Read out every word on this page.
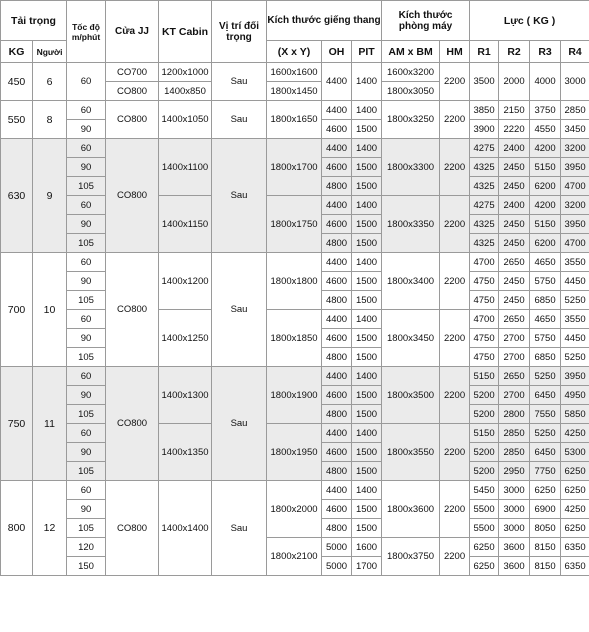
Tải trọng		Tốc độ m/phút	Cửa JJ	KT Cabin	Vị trí đối trọng	Kích thước giếng thang			Kích thước phòng máy		Lực ( KG )			
KG	Người					(X x Y)	OH	PIT	AM x BM	HM	R1	R2	R3	R4
450	6	60	CO700	1200x1000	Sau	1600x1600	4400	1400	1600x3200	2200	3500	2000	4000	3000
			CO800	1400x850		1800x1450			1800x3050					
550	8	60	CO800	1400x1050	Sau	1800x1650	4400	1400	1800x3250	2200	3850	2150	3750	2850
		90					4600	1500			3900	2220	4550	3450
630	9	60	CO800	1400x1100	Sau	1800x1700	4400	1400	1800x3300	2200	4275	2400	4200	3200
		90					4600	1500			4325	2450	5150	3950
		105					4800	1500			4325	2450	6200	4700
		60		1400x1150		1800x1750	4400	1400	1800x3350	2200	4275	2400	4200	3200
		90					4600	1500			4325	2450	5150	3950
		105					4800	1500			4325	2450	6200	4700
700	10	60	CO800	1400x1200	Sau	1800x1800	4400	1400	1800x3400	2200	4700	2650	4650	3550
		90					4600	1500			4750	2450	5750	4450
		105					4800	1500			4750	2450	6850	5250
		60		1400x1250		1800x1850	4400	1400	1800x3450	2200	4700	2650	4650	3550
		90					4600	1500			4750	2700	5750	4450
		105					4800	1500			4750	2700	6850	5250
750	11	60	CO800	1400x1300	Sau	1800x1900	4400	1400	1800x3500	2200	5150	2650	5250	3950
		90					4600	1500			5200	2700	6450	4950
		105					4800	1500			5200	2800	7550	5850
		60		1400x1350		1800x1950	4400	1400	1800x3550	2200	5150	2850	5250	4250
		90					4600	1500			5200	2850	6450	5300
		105					4800	1500			5200	2950	7750	6250
800	12	60	CO800	1400x1400	Sau	1800x2000	4400	1400	1800x3600	2200	5450	3000	6250	6250
		90					4600	1500			5500	3000	6900	4250
		105					4800	1500			5500	3000	8050	6250
		120				1800x2100	5000	1600	1800x3750	2200	6250	3600	8150	6350
		150					5000	1700			6250	3600	8150	6350
